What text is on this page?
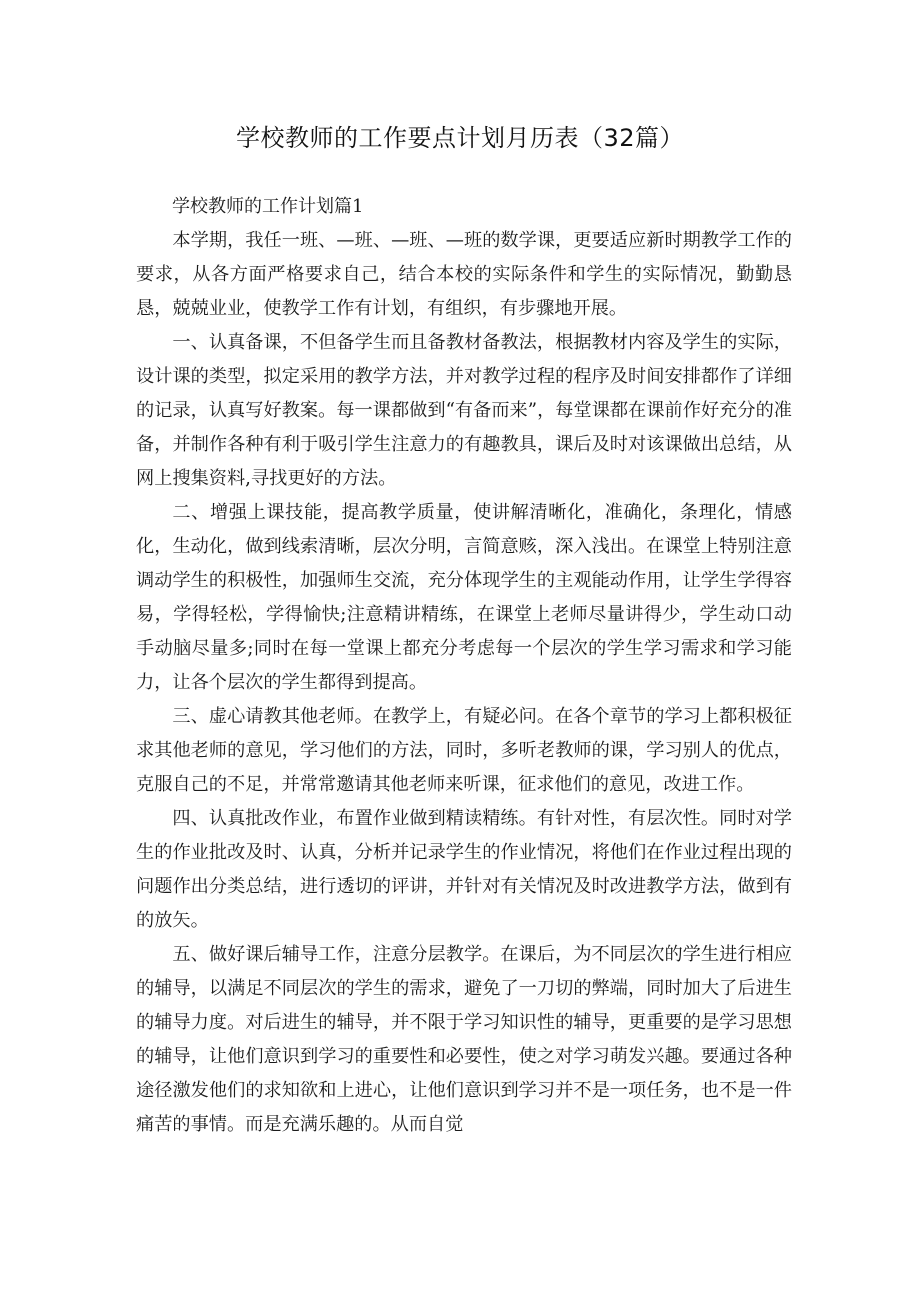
学校教师的工作要点计划月历表（32篇）

学校教师的工作计划篇1

本学期，我任一班、—班、—班、—班的数学课，更要适应新时期教学工作的要求，从各方面严格要求自己，结合本校的实际条件和学生的实际情况，勤勤恳恳，兢兢业业，使教学工作有计划，有组织，有步骤地开展。

一、认真备课，不但备学生而且备教材备教法，根据教材内容及学生的实际，设计课的类型，拟定采用的教学方法，并对教学过程的程序及时间安排都作了详细的记录，认真写好教案。每一课都做到“有备而来”，每堂课都在课前作好充分的准备，并制作各种有利于吸引学生注意力的有趣教具，课后及时对该课做出总结，从网上搜集资料,寻找更好的方法。

二、增强上课技能，提高教学质量，使讲解清晰化，准确化，条理化，情感化，生动化，做到线索清晰，层次分明，言简意赅，深入浅出。在课堂上特别注意调动学生的积极性，加强师生交流，充分体现学生的主观能动作用，让学生学得容易，学得轻松，学得愉快;注意精讲精练，在课堂上老师尽量讲得少，学生动口动手动脑尽量多;同时在每一堂课上都充分考虑每一个层次的学生学习需求和学习能力，让各个层次的学生都得到提高。

三、虚心请教其他老师。在教学上，有疑必问。在各个章节的学习上都积极征求其他老师的意见，学习他们的方法，同时，多听老教师的课，学习别人的优点，克服自己的不足，并常常邀请其他老师来听课，征求他们的意见，改进工作。

四、认真批改作业，布置作业做到精读精练。有针对性，有层次性。同时对学生的作业批改及时、认真，分析并记录学生的作业情况，将他们在作业过程出现的问题作出分类总结，进行透切的评讲，并针对有关情况及时改进教学方法，做到有的放矢。

五、做好课后辅导工作，注意分层教学。在课后，为不同层次的学生进行相应的辅导，以满足不同层次的学生的需求，避免了一刀切的弊端，同时加大了后进生的辅导力度。对后进生的辅导，并不限于学习知识性的辅导，更重要的是学习思想的辅导，让他们意识到学习的重要性和必要性，使之对学习萌发兴趣。要通过各种途径激发他们的求知欲和上进心，让他们意识到学习并不是一项任务，也不是一件痛苦的事情。而是充满乐趣的。从而自觉
